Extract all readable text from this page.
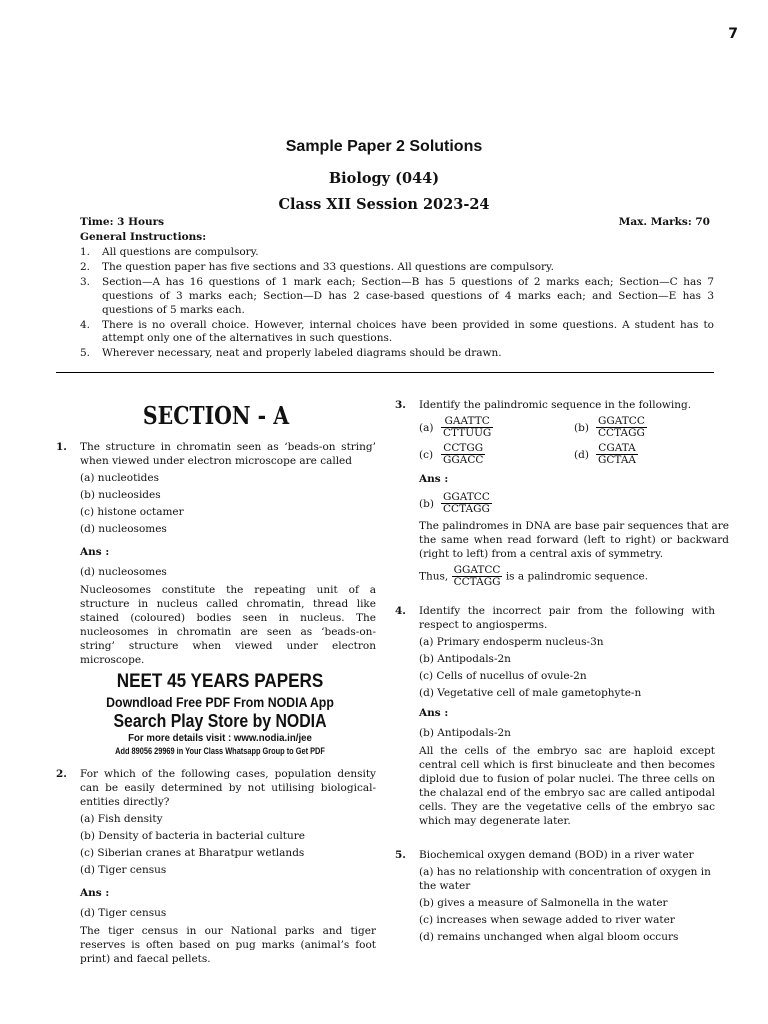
7
Sample Paper 2 Solutions
Biology (044)
Class XII Session 2023-24
Time: 3 Hours	Max. Marks: 70
General Instructions:
1.	All questions are compulsory.
2.	The question paper has five sections and 33 questions. All questions are compulsory.
3.	Section—A has 16 questions of 1 mark each; Section—B has 5 questions of 2 marks each; Section—C has 7 questions of 3 marks each; Section—D has 2 case-based questions of 4 marks each; and Section—E has 3 questions of 5 marks each.
4.	There is no overall choice. However, internal choices have been provided in some questions. A student has to attempt only one of the alternatives in such questions.
5.	Wherever necessary, neat and properly labeled diagrams should be drawn.
SECTION - A
1.	The structure in chromatin seen as ‘beads-on string’ when viewed under electron microscope are called
(a) nucleotides
(b) nucleosides
(c) histone octamer
(d) nucleosomes
Ans :
(d) nucleosomes
Nucleosomes constitute the repeating unit of a structure in nucleus called chromatin, thread like stained (coloured) bodies seen in nucleus. The nucleosomes in chromatin are seen as ‘beads-on-string’ structure when viewed under electron microscope.
NEET 45 YEARS PAPERS
Downdload Free PDF From NODIA App
Search Play Store by NODIA
For more details visit : www.nodia.in/jee
Add 89056 29969 in Your Class Whatsapp Group to Get PDF
2.	For which of the following cases, population density can be easily determined by not utilising biological-entities directly?
(a) Fish density
(b) Density of bacteria in bacterial culture
(c) Siberian cranes at Bharatpur wetlands
(d) Tiger census
Ans :
(d) Tiger census
The tiger census in our National parks and tiger reserves is often based on pug marks (animal’s foot print) and faecal pellets.
3.	Identify the palindromic sequence in the following.
$(a) \frac{\text{GAATTC}}{\text{CTTUUG}}$	$(b) \frac{\text{GGATCC}}{\text{CCTAGG}}$
$(c) \frac{\text{CCTGG}}{\text{GGACC}}$	$(d) \frac{\text{CGATA}}{\text{GCTAA}}$
Ans :
$(b) \frac{\text{GGATCC}}{\text{CCTAGG}}$
The palindromes in DNA are base pair sequences that are the same when read forward (left to right) or backward (right to left) from a central axis of symmetry.
Thus, $\frac{\text{GGATCC}}{\text{CCTAGG}}$ is a palindromic sequence.
4.	Identify the incorrect pair from the following with respect to angiosperms.
(a) Primary endosperm nucleus-3n
(b) Antipodals-2n
(c) Cells of nucellus of ovule-2n
(d) Vegetative cell of male gametophyte-n
Ans :
(b) Antipodals-2n
All the cells of the embryo sac are haploid except central cell which is first binucleate and then becomes diploid due to fusion of polar nuclei. The three cells on the chalazal end of the embryo sac are called antipodal cells. They are the vegetative cells of the embryo sac which may degenerate later.
5.	Biochemical oxygen demand (BOD) in a river water
(a) has no relationship with concentration of oxygen in the water
(b) gives a measure of Salmonella in the water
(c) increases when sewage added to river water
(d) remains unchanged when algal bloom occurs
